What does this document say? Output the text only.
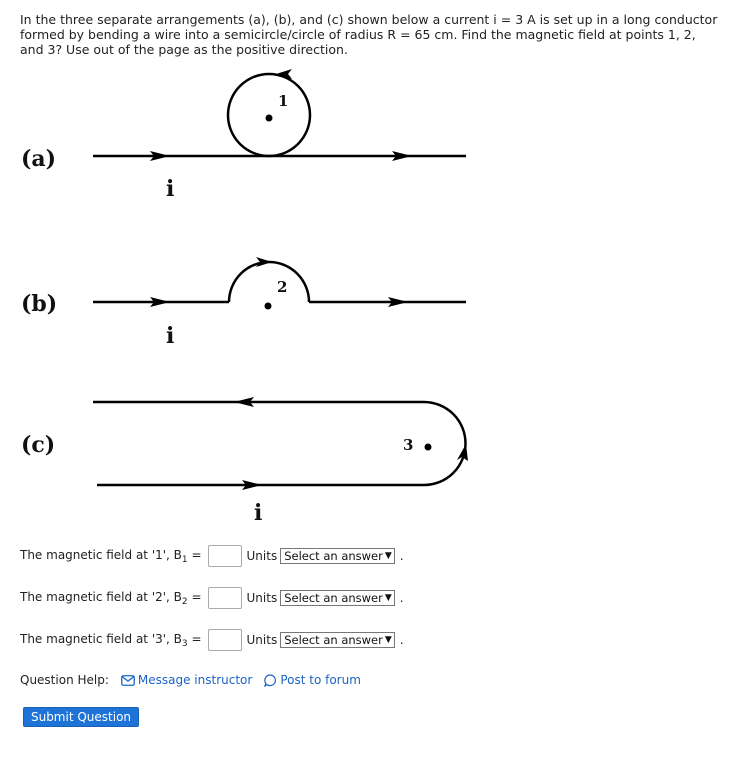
In the three separate arrangements (a), (b), and (c) shown below a current i = 3 A is set up in a long conductor formed by bending a wire into a semicircle/circle of radius R = 65 cm. Find the magnetic field at points 1, 2, and 3? Use out of the page as the positive direction.
(a)
1
i
(b)
2
i
(c)	3
i
The magnetic field at '1', $B_1$ =	Units Select an answer ▼ .
The magnetic field at '2', $B_2$ =	Units Select an answer ▼ .
The magnetic field at '3', $B_3$ =	Units Select an answer ▼ .
Question Help: Message instructor Post to forum
Submit Question
